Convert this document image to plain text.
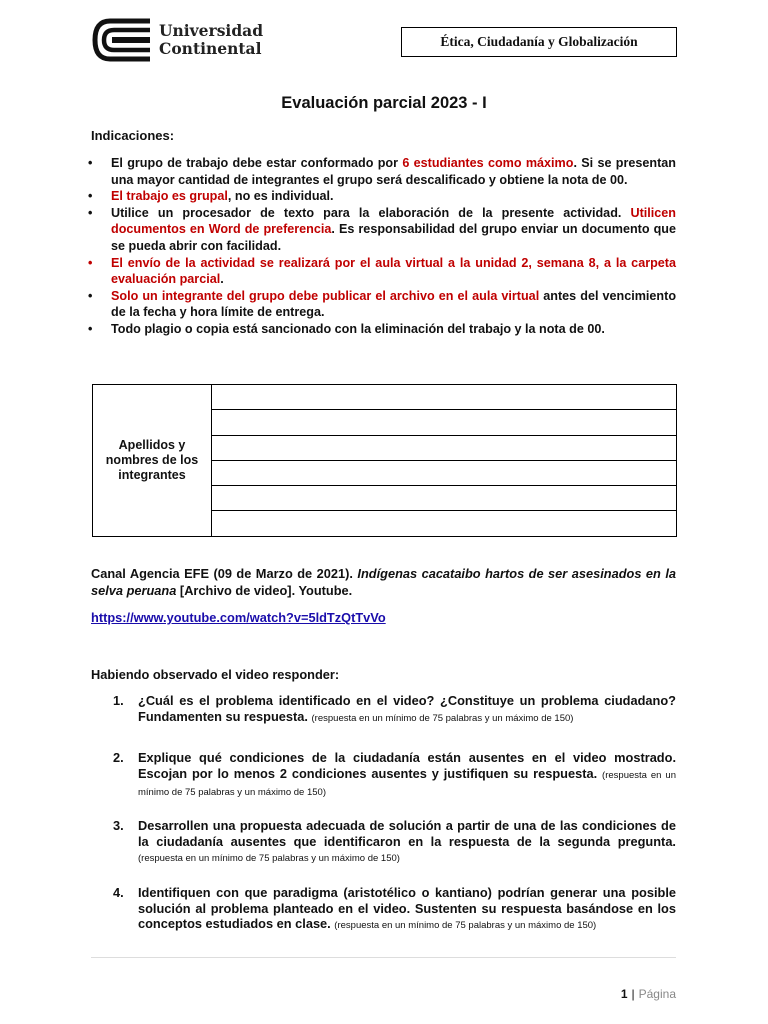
Universidad
Continental	Ética, Ciudadanía y Globalización
Evaluación parcial 2023 - I
Indicaciones:
• El grupo de trabajo debe estar conformado por 6 estudiantes como máximo. Si se presentan una mayor cantidad de integrantes el grupo será descalificado y obtiene la nota de 00.
• El trabajo es grupal, no es individual.
• Utilice un procesador de texto para la elaboración de la presente actividad. Utilicen documentos en Word de preferencia. Es responsabilidad del grupo enviar un documento que se pueda abrir con facilidad.
• El envío de la actividad se realizará por el aula virtual a la unidad 2, semana 8, a la carpeta evaluación parcial.
• Solo un integrante del grupo debe publicar el archivo en el aula virtual antes del vencimiento de la fecha y hora límite de entrega.
• Todo plagio o copia está sancionado con la eliminación del trabajo y la nota de 00.
Apellidos y nombres de los integrantes	

Canal Agencia EFE (09 de Marzo de 2021). Indígenas cacataibo hartos de ser asesinados en la selva peruana [Archivo de video]. Youtube.
https://www.youtube.com/watch?v=5ldTzQtTvVo
Habiendo observado el video responder:
1. ¿Cuál es el problema identificado en el video? ¿Constituye un problema ciudadano? Fundamenten su respuesta. (respuesta en un mínimo de 75 palabras y un máximo de 150)
2. Explique qué condiciones de la ciudadanía están ausentes en el video mostrado. Escojan por lo menos 2 condiciones ausentes y justifiquen su respuesta. (respuesta en un mínimo de 75 palabras y un máximo de 150)
3. Desarrollen una propuesta adecuada de solución a partir de una de las condiciones de la ciudadanía ausentes que identificaron en la respuesta de la segunda pregunta. (respuesta en un mínimo de 75 palabras y un máximo de 150)
4. Identifiquen con que paradigma (aristotélico o kantiano) podrían generar una posible solución al problema planteado en el video. Sustenten su respuesta basándose en los conceptos estudiados en clase. (respuesta en un mínimo de 75 palabras y un máximo de 150)
1 | Página
